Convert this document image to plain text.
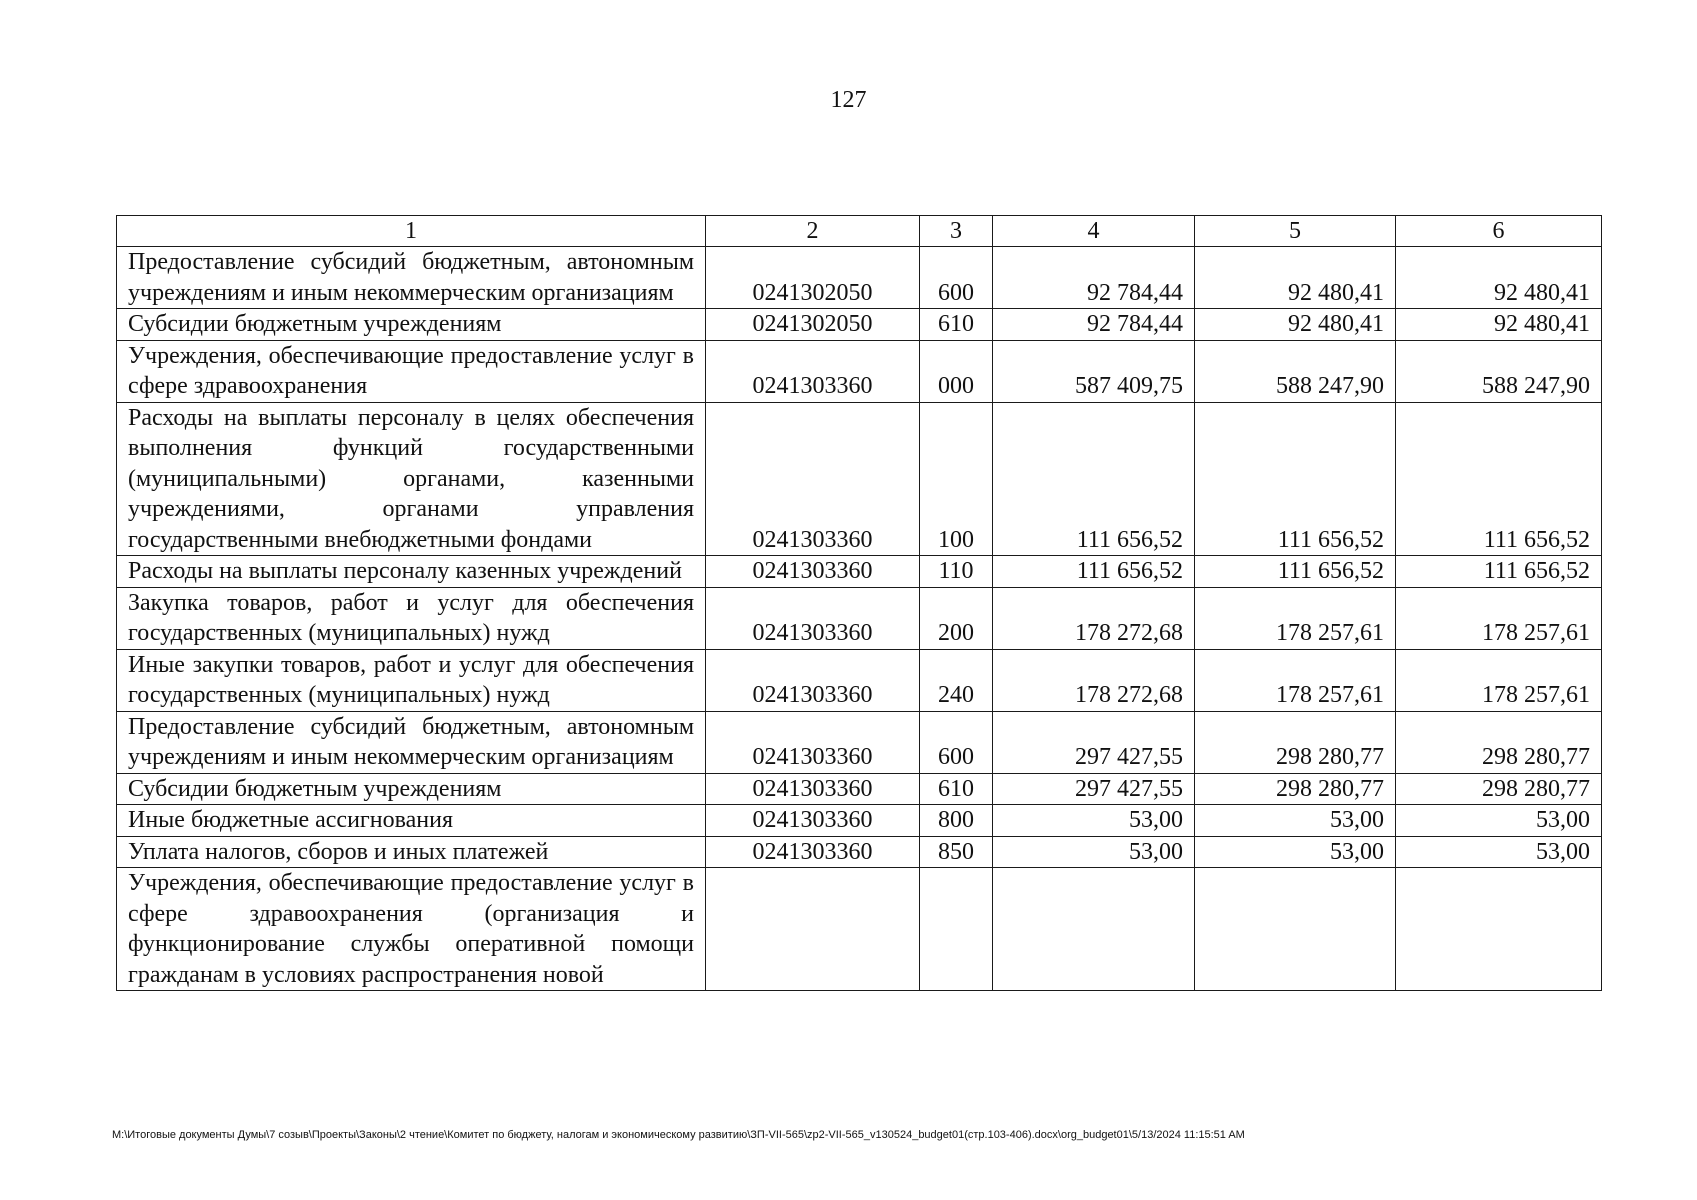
127
1	2	3	4	5	6
Предоставление субсидий бюджетным, автономным учреждениям и иным некоммерческим организациям	0241302050	600	92 784,44	92 480,41	92 480,41
Субсидии бюджетным учреждениям	0241302050	610	92 784,44	92 480,41	92 480,41
Учреждения, обеспечивающие предоставление услуг в сфере здравоохранения	0241303360	000	587 409,75	588 247,90	588 247,90
Расходы на выплаты персоналу в целях обеспечения выполнения функций государственными (муниципальными) органами, казенными учреждениями, органами управления государственными внебюджетными фондами	0241303360	100	111 656,52	111 656,52	111 656,52
Расходы на выплаты персоналу казенных учреждений	0241303360	110	111 656,52	111 656,52	111 656,52
Закупка товаров, работ и услуг для обеспечения государственных (муниципальных) нужд	0241303360	200	178 272,68	178 257,61	178 257,61
Иные закупки товаров, работ и услуг для обеспечения государственных (муниципальных) нужд	0241303360	240	178 272,68	178 257,61	178 257,61
Предоставление субсидий бюджетным, автономным учреждениям и иным некоммерческим организациям	0241303360	600	297 427,55	298 280,77	298 280,77
Субсидии бюджетным учреждениям	0241303360	610	297 427,55	298 280,77	298 280,77
Иные бюджетные ассигнования	0241303360	800	53,00	53,00	53,00
Уплата налогов, сборов и иных платежей	0241303360	850	53,00	53,00	53,00
Учреждения, обеспечивающие предоставление услуг в сфере здравоохранения (организация и функционирование службы оперативной помощи гражданам в условиях распространения новой					
M:\Итоговые документы Думы\7 созыв\Проекты\Законы\2 чтение\Комитет по бюджету, налогам и экономическому развитию\ЗП-VII-565\zp2-VII-565_v130524_budget01(стр.103-406).docx\org_budget01\5/13/2024 11:15:51 AM
